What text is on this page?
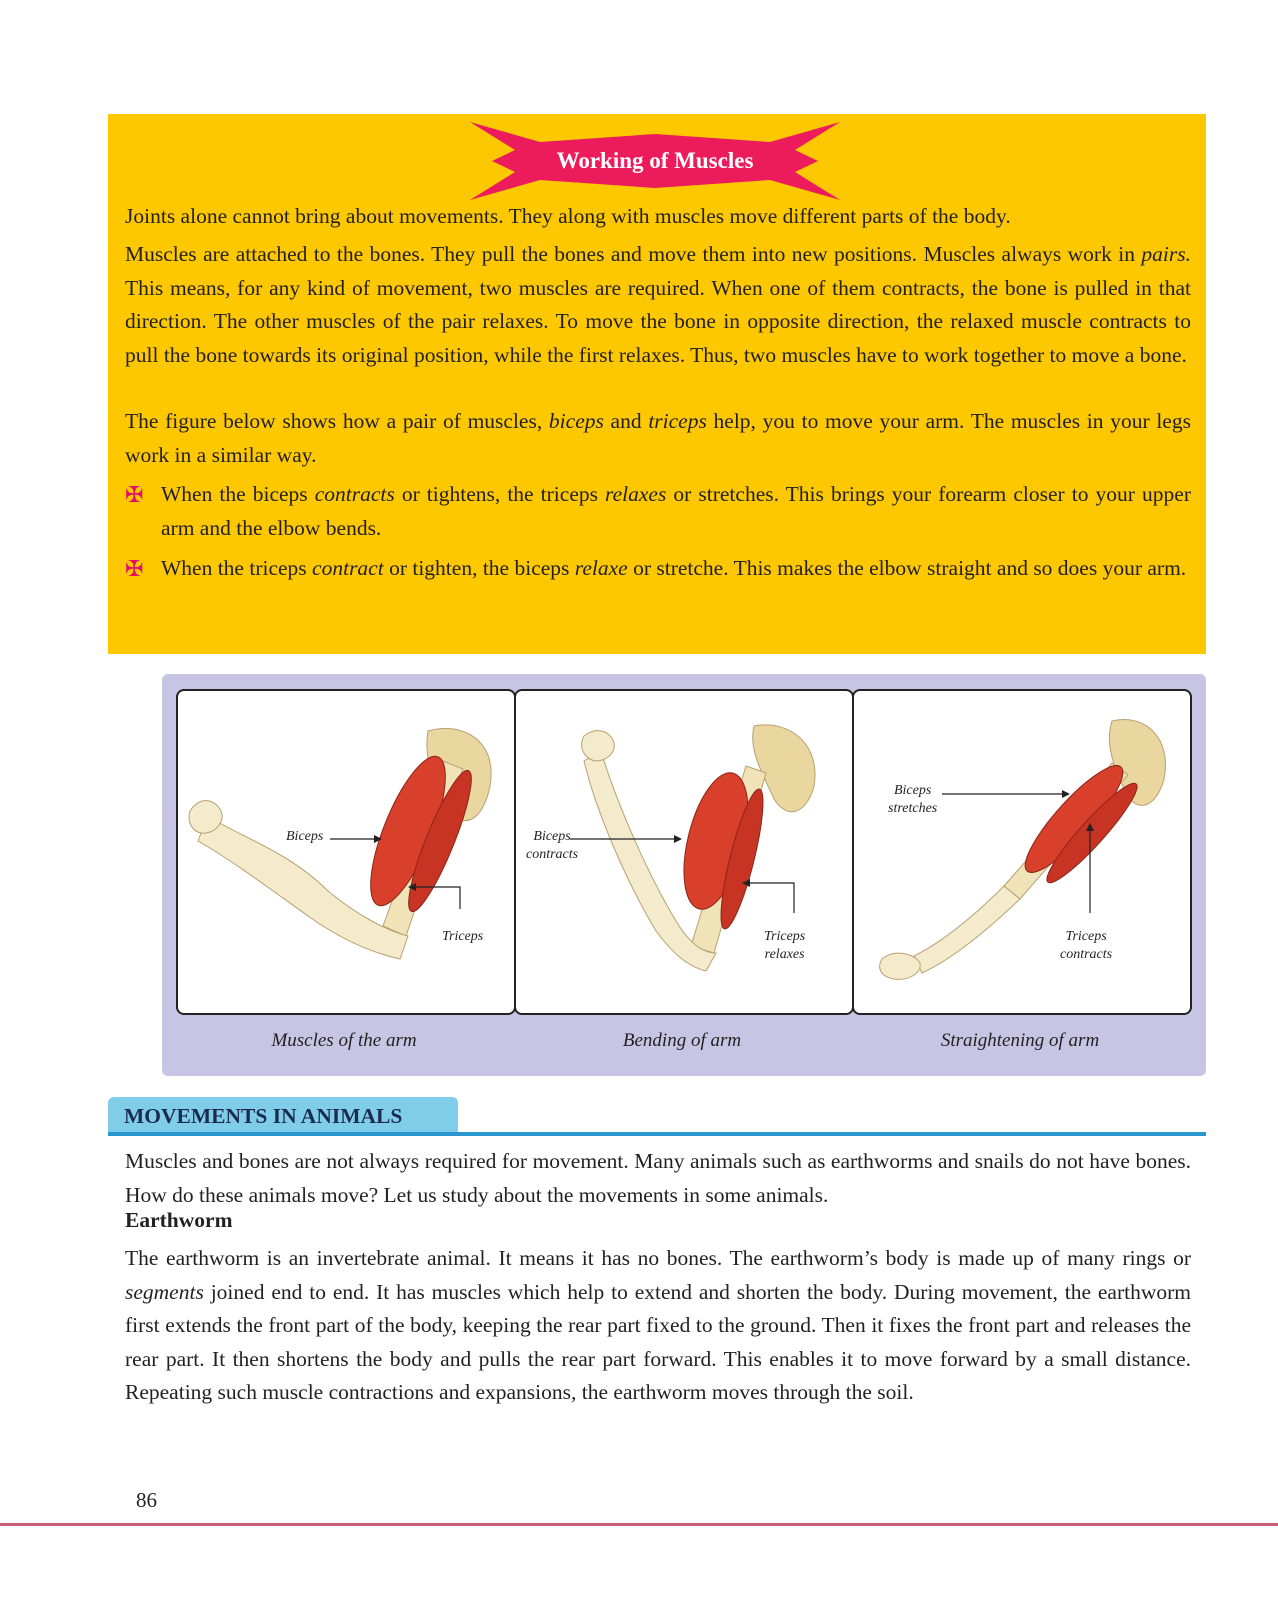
Working of Muscles

Joints alone cannot bring about movements. They along with muscles move different parts of the body.

Muscles are attached to the bones. They pull the bones and move them into new positions. Muscles always work in pairs. This means, for any kind of movement, two muscles are required. When one of them contracts, the bone is pulled in that direction. The other muscles of the pair relaxes. To move the bone in opposite direction, the relaxed muscle contracts to pull the bone towards its original position, while the first relaxes. Thus, two muscles have to work together to move a bone.

The figure below shows how a pair of muscles, biceps and triceps help, you to move your arm. The muscles in your legs work in a similar way.

✠ When the biceps contracts or tightens, the triceps relaxes or stretches. This brings your forearm closer to your upper arm and the elbow bends.
✠ When the triceps contract or tighten, the biceps relaxe or stretche. This makes the elbow straight and so does your arm.
Biceps
Triceps
Biceps
contracts
Triceps
relaxes
Biceps
stretches
Triceps
contracts
Muscles of the arm	Bending of arm	Straightening of arm
MOVEMENTS IN ANIMALS

Muscles and bones are not always required for movement. Many animals such as earthworms and snails do not have bones. How do these animals move? Let us study about the movements in some animals.

Earthworm

The earthworm is an invertebrate animal. It means it has no bones. The earthworm’s body is made up of many rings or segments joined end to end. It has muscles which help to extend and shorten the body. During movement, the earthworm first extends the front part of the body, keeping the rear part fixed to the ground. Then it fixes the front part and releases the rear part. It then shortens the body and pulls the rear part forward. This enables it to move forward by a small distance. Repeating such muscle contractions and expansions, the earthworm moves through the soil.

86
